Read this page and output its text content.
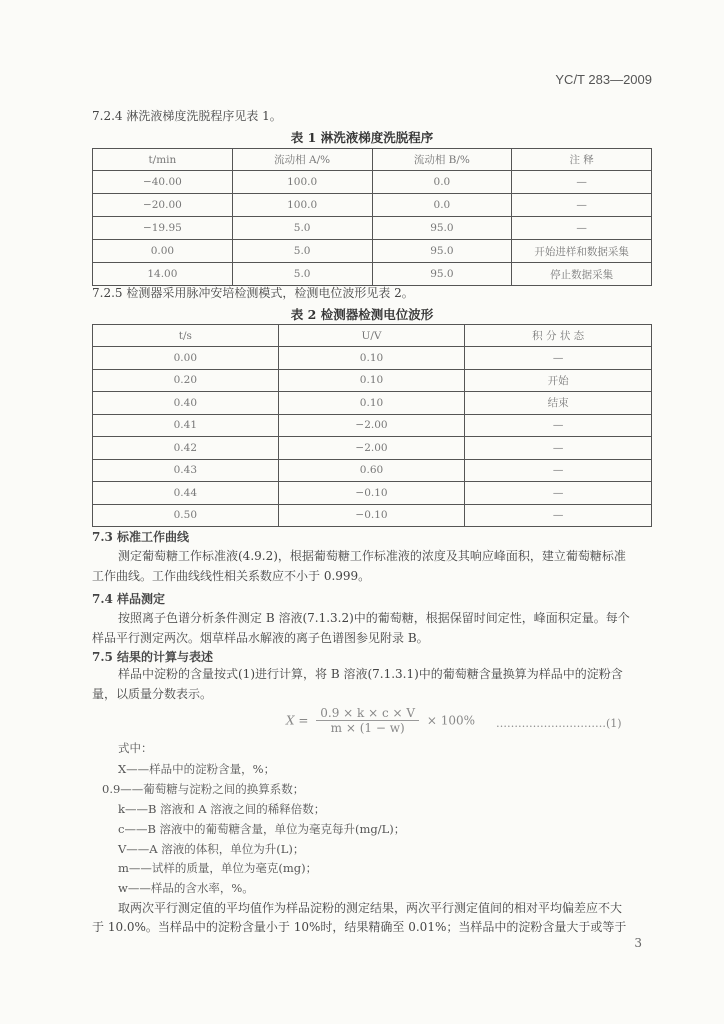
YC/T 283—2009
7.2.4 淋洗液梯度洗脱程序见表 1。
表 1 淋洗液梯度洗脱程序
t/min	流动相 A/%	流动相 B/%	注 释
−40.00	100.0	0.0	—
−20.00	100.0	0.0	—
−19.95	5.0	95.0	—
0.00	5.0	95.0	开始进样和数据采集
14.00	5.0	95.0	停止数据采集
7.2.5 检测器采用脉冲安培检测模式，检测电位波形见表 2。
表 2 检测器检测电位波形
t/s	U/V	积 分 状 态
0.00	0.10	—
0.20	0.10	开始
0.40	0.10	结束
0.41	−2.00	—
0.42	−2.00	—
0.43	0.60	—
0.44	−0.10	—
0.50	−0.10	—
7.3 标准工作曲线
测定葡萄糖工作标准液(4.9.2)，根据葡萄糖工作标准液的浓度及其响应峰面积，建立葡萄糖标准
工作曲线。工作曲线线性相关系数应不小于 0.999。
7.4 样品测定
按照离子色谱分析条件测定 B 溶液(7.1.3.2)中的葡萄糖，根据保留时间定性，峰面积定量。每个
样品平行测定两次。烟草样品水解液的离子色谱图参见附录 B。
7.5 结果的计算与表述
样品中淀粉的含量按式(1)进行计算，将 B 溶液(7.1.3.1)中的葡萄糖含量换算为样品中的淀粉含
量，以质量分数表示。
$X = \frac{0.9 \times k \times c \times V}{m \times (1 - w)} \times 100\%$ …………………………(1)
式中：
X——样品中的淀粉含量，%；
0.9——葡萄糖与淀粉之间的换算系数；
k——B 溶液和 A 溶液之间的稀释倍数；
c——B 溶液中的葡萄糖含量，单位为毫克每升(mg/L)；
V——A 溶液的体积，单位为升(L)；
m——试样的质量，单位为毫克(mg)；
w——样品的含水率，%。
取两次平行测定值的平均值作为样品淀粉的测定结果，两次平行测定值间的相对平均偏差应不大
于 10.0%。当样品中的淀粉含量小于 10%时，结果精确至 0.01%；当样品中的淀粉含量大于或等于
3
